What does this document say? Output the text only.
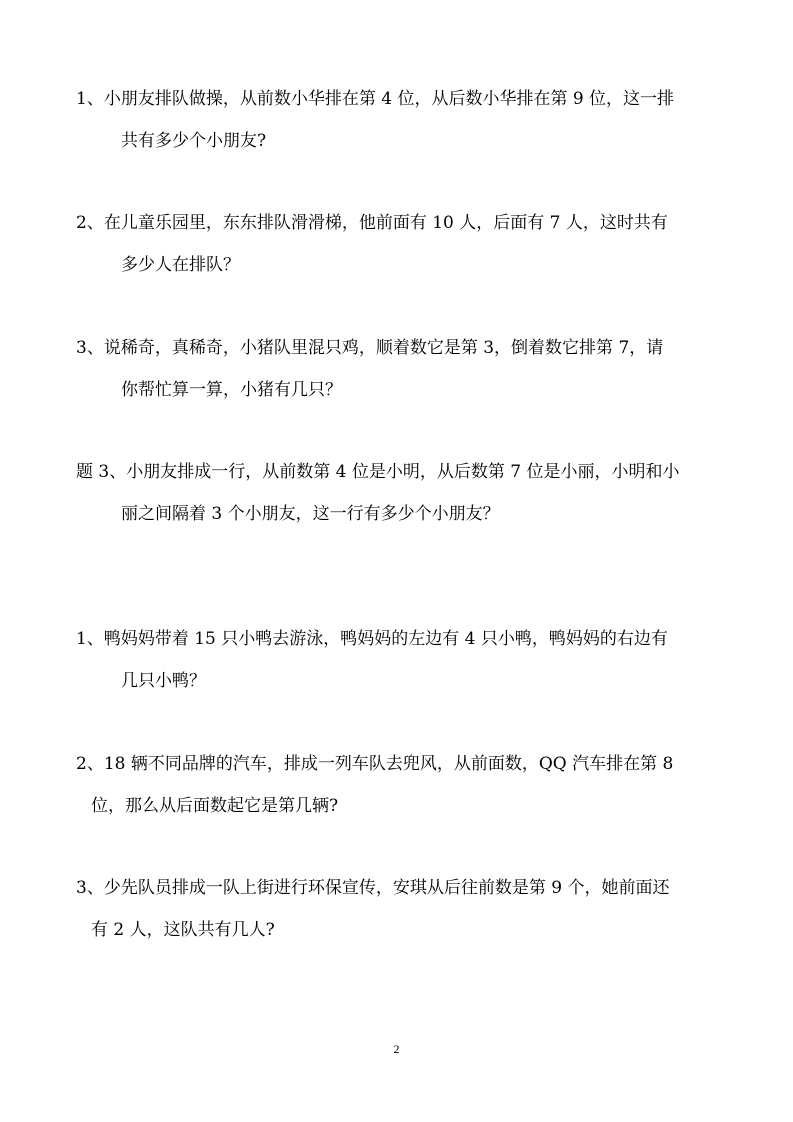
1、小朋友排队做操，从前数小华排在第 4 位，从后数小华排在第 9 位，这一排
共有多少个小朋友?
2、在儿童乐园里，东东排队滑滑梯，他前面有 10 人，后面有 7 人，这时共有
多少人在排队？
3、说稀奇，真稀奇，小猪队里混只鸡，顺着数它是第 3，倒着数它排第 7，请
你帮忙算一算，小猪有几只？
题 3、小朋友排成一行，从前数第 4 位是小明，从后数第 7 位是小丽，小明和小
丽之间隔着 3 个小朋友，这一行有多少个小朋友？
1、鸭妈妈带着 15 只小鸭去游泳，鸭妈妈的左边有 4 只小鸭，鸭妈妈的右边有
几只小鸭？
2、18 辆不同品牌的汽车，排成一列车队去兜风，从前面数，QQ 汽车排在第 8
位，那么从后面数起它是第几辆?
3、少先队员排成一队上街进行环保宣传，安琪从后往前数是第 9 个，她前面还
有 2 人，这队共有几人?
2
